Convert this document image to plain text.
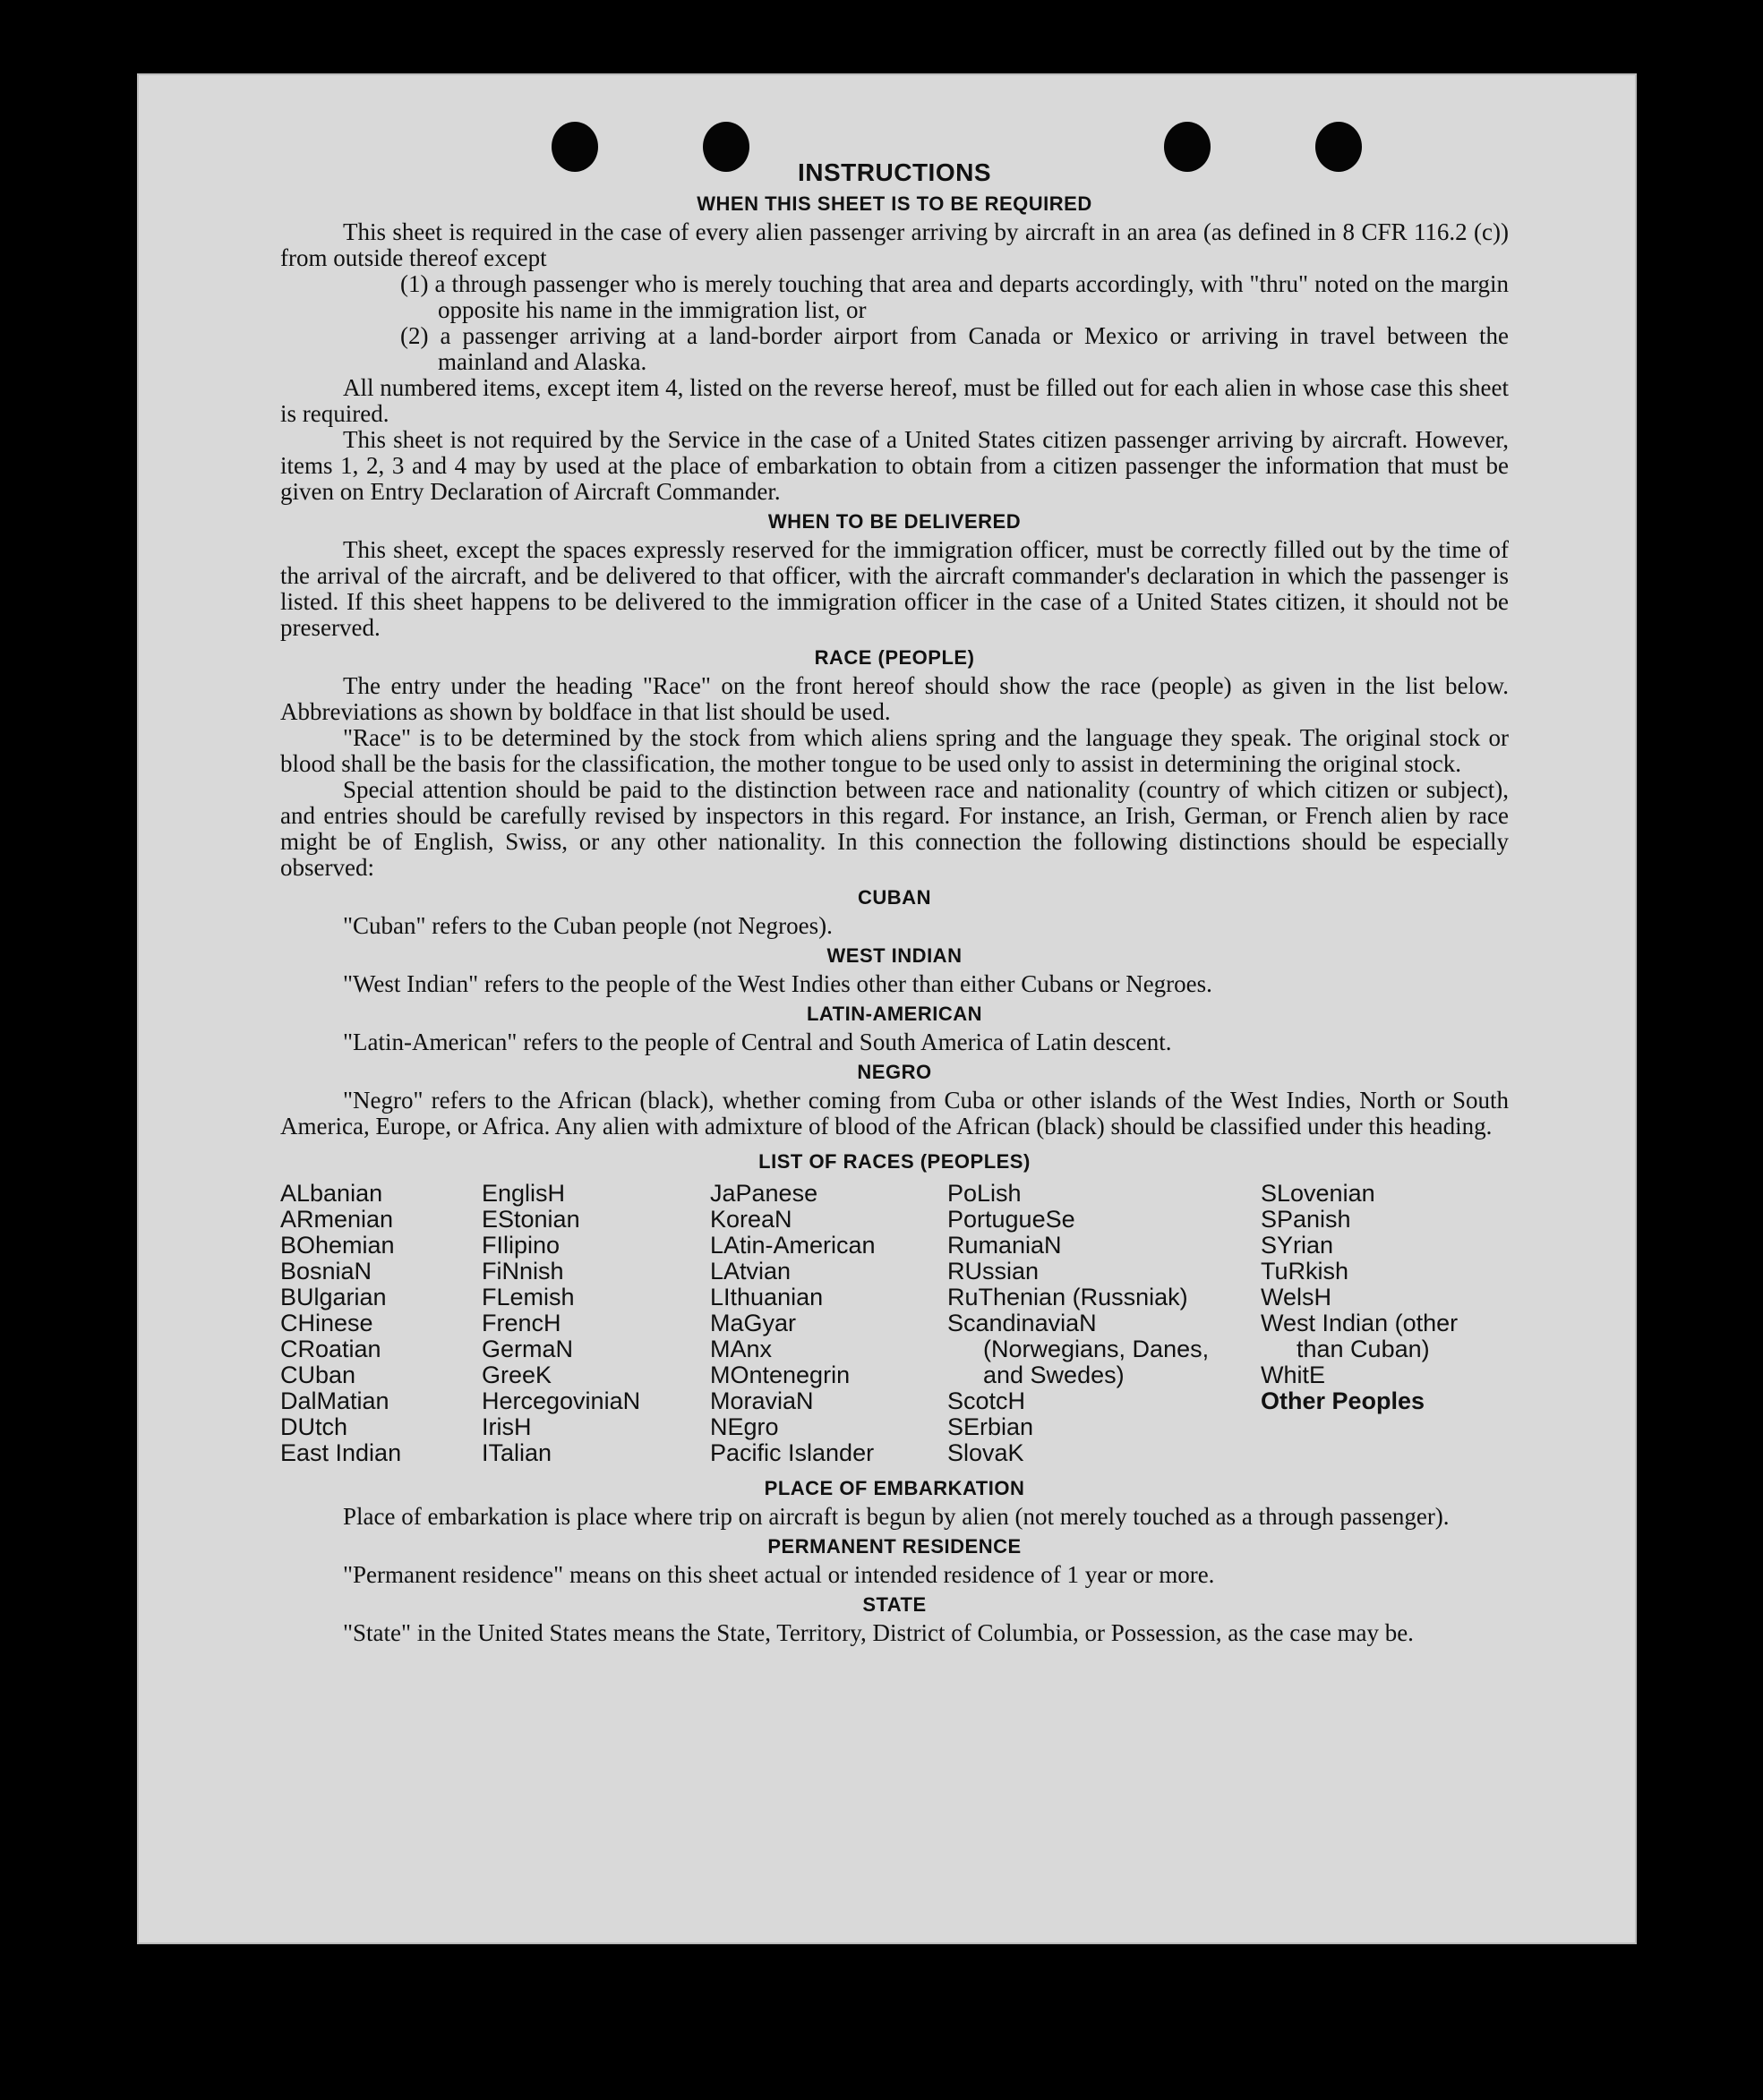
INSTRUCTIONS
WHEN THIS SHEET IS TO BE REQUIRED

This sheet is required in the case of every alien passenger arriving by aircraft in an area (as defined in 8 CFR 116.2 (c)) from outside thereof except

(1) a through passenger who is merely touching that area and departs accordingly, with "thru" noted on the margin opposite his name in the immigration list, or

(2) a passenger arriving at a land-border airport from Canada or Mexico or arriving in travel between the mainland and Alaska.

All numbered items, except item 4, listed on the reverse hereof, must be filled out for each alien in whose case this sheet is required.

This sheet is not required by the Service in the case of a United States citizen passenger arriving by aircraft. However, items 1, 2, 3 and 4 may by used at the place of embarkation to obtain from a citizen passenger the information that must be given on Entry Declaration of Aircraft Commander.

WHEN TO BE DELIVERED

This sheet, except the spaces expressly reserved for the immigration officer, must be correctly filled out by the time of the arrival of the aircraft, and be delivered to that officer, with the aircraft commander's declaration in which the passenger is listed. If this sheet happens to be delivered to the immigration officer in the case of a United States citizen, it should not be preserved.

RACE (PEOPLE)

The entry under the heading "Race" on the front hereof should show the race (people) as given in the list below. Abbreviations as shown by boldface in that list should be used.

"Race" is to be determined by the stock from which aliens spring and the language they speak. The original stock or blood shall be the basis for the classification, the mother tongue to be used only to assist in determining the original stock.

Special attention should be paid to the distinction between race and nationality (country of which citizen or subject), and entries should be carefully revised by inspectors in this regard. For instance, an Irish, German, or French alien by race might be of English, Swiss, or any other nationality. In this connection the following distinctions should be especially observed:

CUBAN

"Cuban" refers to the Cuban people (not Negroes).

WEST INDIAN

"West Indian" refers to the people of the West Indies other than either Cubans or Negroes.

LATIN-AMERICAN

"Latin-American" refers to the people of Central and South America of Latin descent.

NEGRO

"Negro" refers to the African (black), whether coming from Cuba or other islands of the West Indies, North or South America, Europe, or Africa. Any alien with admixture of blood of the African (black) should be classified under this heading.

LIST OF RACES (PEOPLES)
ALbanian
ARmenian
BOhemian
BosniaN
BUlgarian
CHinese
CRoatian
CUban
DalMatian
DUtch
East Indian
EnglisH
EStonian
FIlipino
FiNnish
FLemish
FrencH
GermaN
GreeK
HercegoviniaN
IrisH
ITalian
JaPanese
KoreaN
LAtin-American
LAtvian
LIthuanian
MaGyar
MAnx
MOntenegrin
MoraviaN
NEgro
Pacific Islander
PoLish
PortugueSe
RumaniaN
RUssian
RuThenian (Russniak)
ScandinaviaN (Norwegians, Danes, and Swedes)
ScotcH
SErbian
SlovaK
SLovenian
SPanish
SYrian
TuRkish
WelsH
West Indian (other than Cuban)
WhitE
Other Peoples
PLACE OF EMBARKATION

Place of embarkation is place where trip on aircraft is begun by alien (not merely touched as a through passenger).

PERMANENT RESIDENCE

"Permanent residence" means on this sheet actual or intended residence of 1 year or more.

STATE

"State" in the United States means the State, Territory, District of Columbia, or Possession, as the case may be.
